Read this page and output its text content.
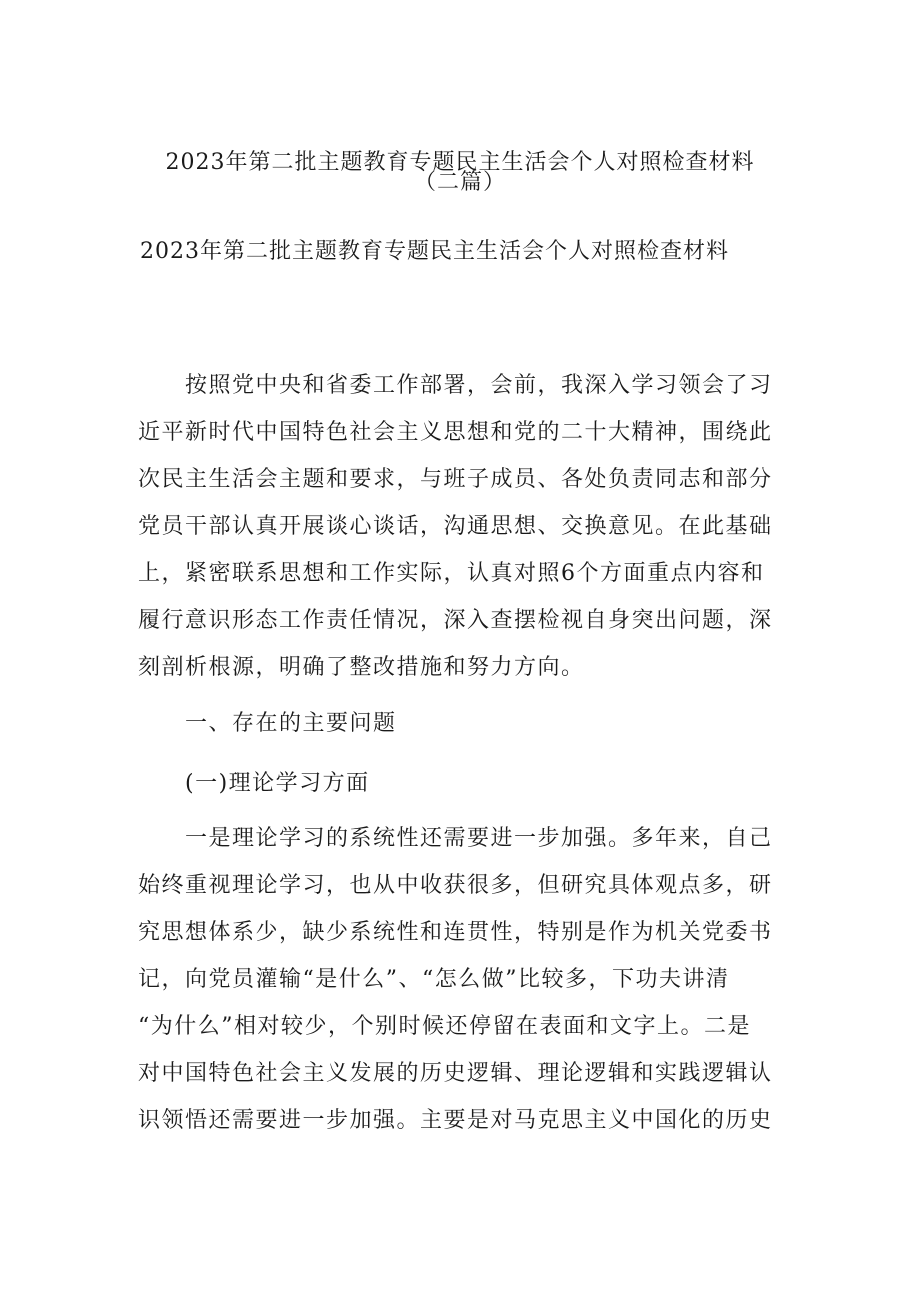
2023年第二批主题教育专题民主生活会个人对照检查材料
（二篇）
2023年第二批主题教育专题民主生活会个人对照检查材料
　　按照党中央和省委工作部署，会前，我深入学习领会了习
近平新时代中国特色社会主义思想和党的二十大精神，围绕此
次民主生活会主题和要求，与班子成员、各处负责同志和部分
党员干部认真开展谈心谈话，沟通思想、交换意见。在此基础
上，紧密联系思想和工作实际，认真对照6个方面重点内容和
履行意识形态工作责任情况，深入查摆检视自身突出问题，深
刻剖析根源，明确了整改措施和努力方向。
　　一、存在的主要问题
　　(一)理论学习方面
　　一是理论学习的系统性还需要进一步加强。多年来，自己
始终重视理论学习，也从中收获很多，但研究具体观点多，研
究思想体系少，缺少系统性和连贯性，特别是作为机关党委书
记，向党员灌输“是什么”、“怎么做”比较多，下功夫讲清
“为什么”相对较少，个别时候还停留在表面和文字上。二是
对中国特色社会主义发展的历史逻辑、理论逻辑和实践逻辑认
识领悟还需要进一步加强。主要是对马克思主义中国化的历史
